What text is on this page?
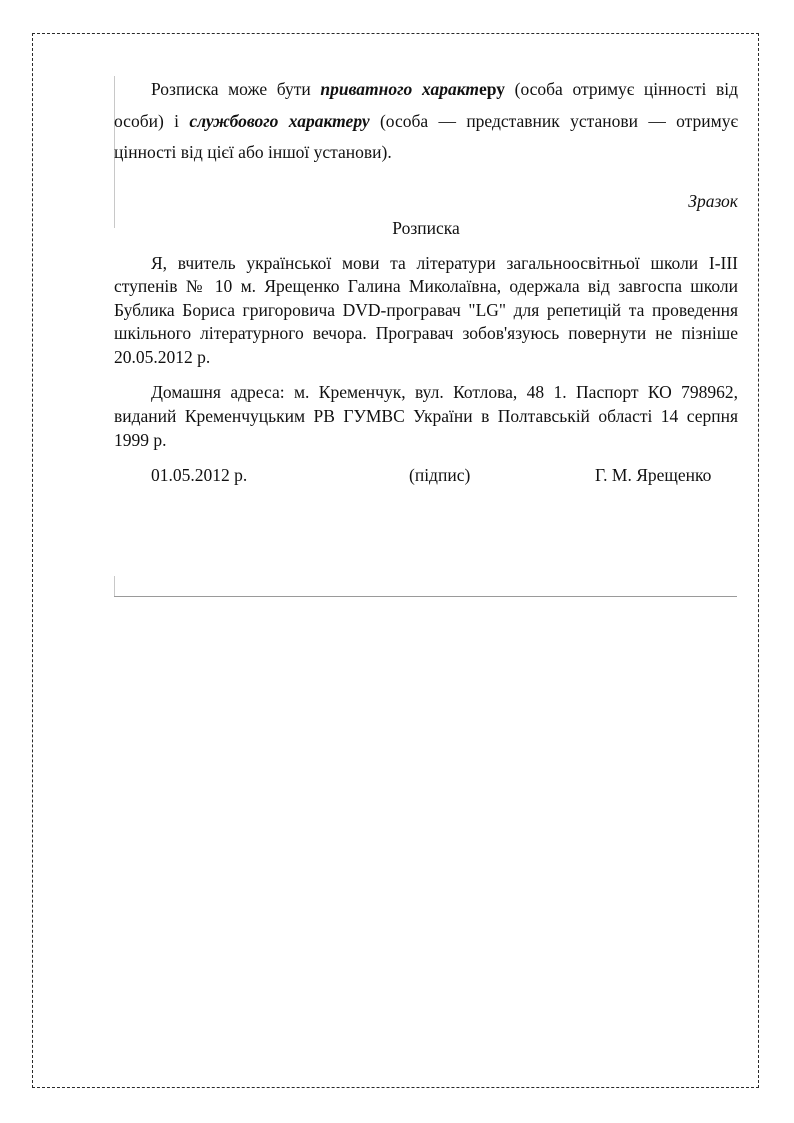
Розписка може бути приватного характеру (особа отримує цінності від особи) і службового характеру (особа — представник установи — отримує цінності від цієї або іншої установи).

Зразок

Розписка

Я, вчитель української мови та літератури загальноосвітньої школи І-ІІІ ступенів № 10 м. Ярещенко Галина Миколаївна, одержала від завгоспа школи Бублика Бориса григоровича DVD-програвач "LG" для репетицій та проведення шкільного літературного вечора. Програвач зобов'язуюсь повернути не пізніше 20.05.2012 р.

Домашня адреса: м. Кременчук, вул. Котлова, 48 1. Паспорт КО 798962, виданий Кременчуцьким РВ ГУМВС України в Полтавській області 14 серпня 1999 р.

01.05.2012 р.	(підпис)	Г. М. Ярещенко
